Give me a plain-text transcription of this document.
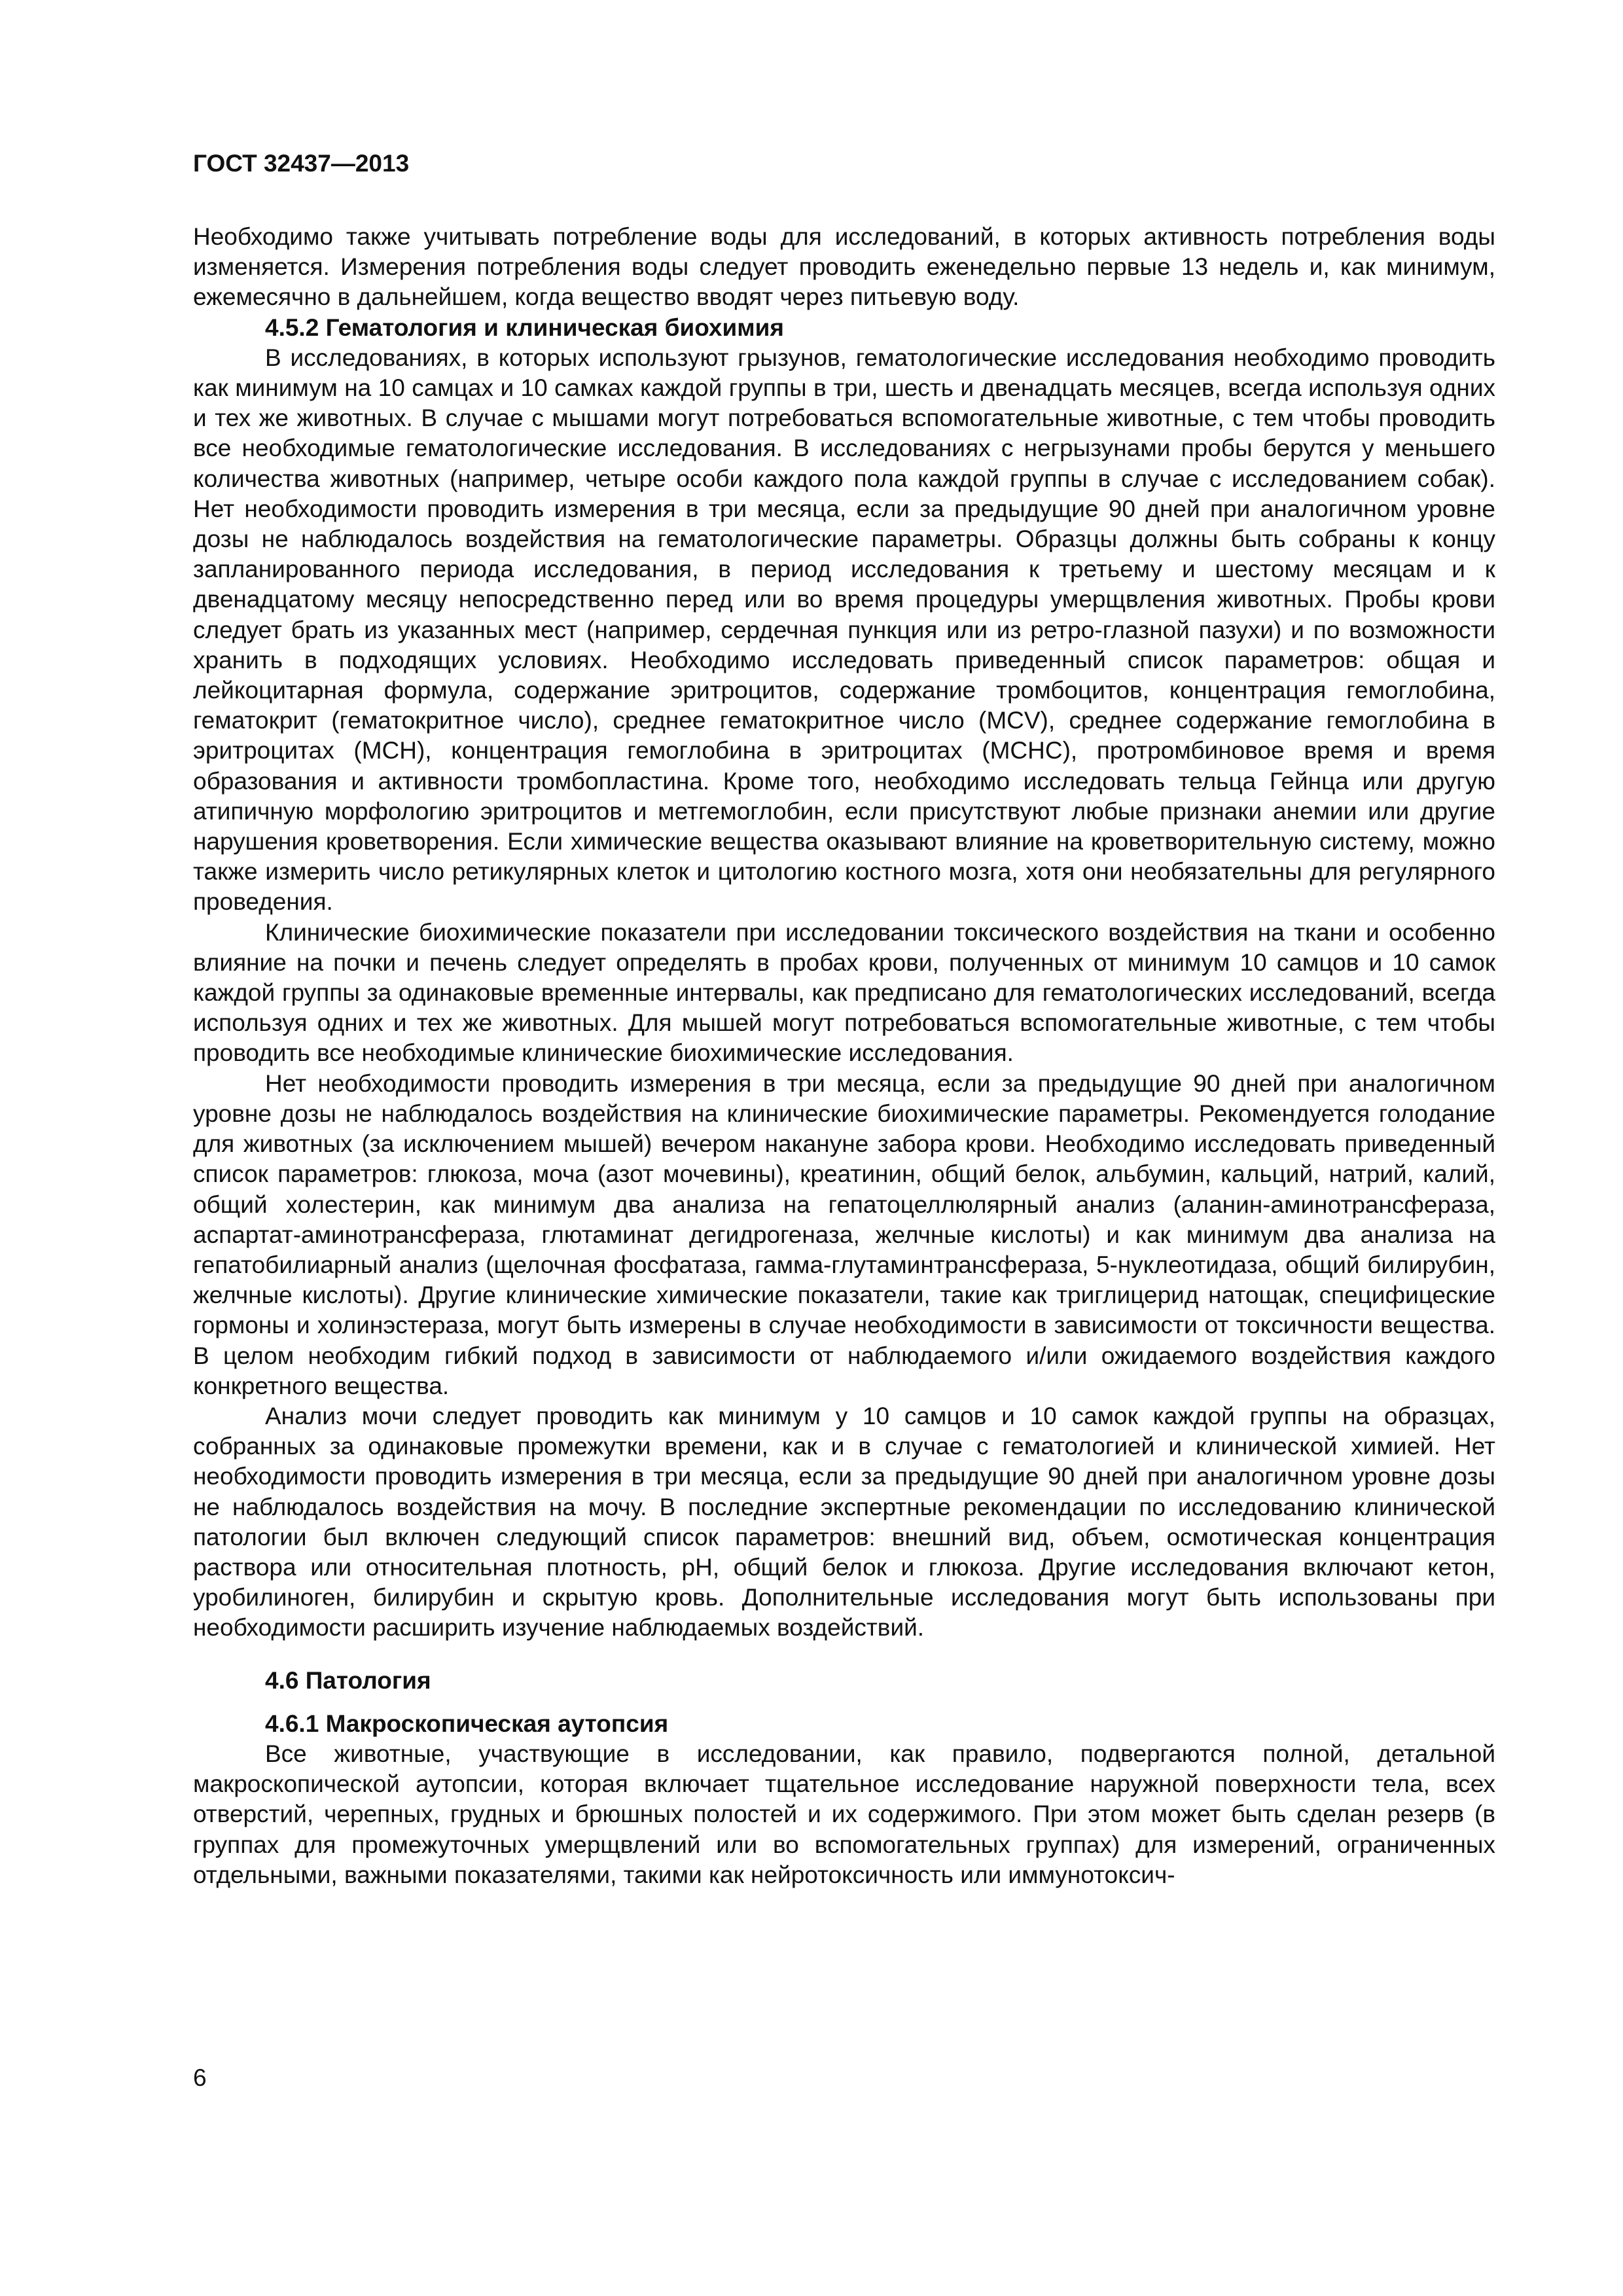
ГОСТ 32437—2013

Необходимо также учитывать потребление воды для исследований, в которых активность потребления воды изменяется. Измерения потребления воды следует проводить еженедельно первые 13 недель и, как минимум, ежемесячно в дальнейшем, когда вещество вводят через питьевую воду.

4.5.2 Гематология и клиническая биохимия

В исследованиях, в которых используют грызунов, гематологические исследования необходимо проводить как минимум на 10 самцах и 10 самках каждой группы в три, шесть и двенадцать месяцев, всегда используя одних и тех же животных. В случае с мышами могут потребоваться вспомогательные животные, с тем чтобы проводить все необходимые гематологические исследования. В исследованиях с негрызунами пробы берутся у меньшего количества животных (например, четыре особи каждого пола каждой группы в случае с исследованием собак). Нет необходимости проводить измерения в три месяца, если за предыдущие 90 дней при аналогичном уровне дозы не наблюдалось воздействия на гематологические параметры. Образцы должны быть собраны к концу запланированного периода исследования, в период исследования к третьему и шестому месяцам и к двенадцатому месяцу непосредственно перед или во время процедуры умерщвления животных. Пробы крови следует брать из указанных мест (например, сердечная пункция или из ретро-глазной пазухи) и по возможности хранить в подходящих условиях. Необходимо исследовать приведенный список параметров: общая и лейкоцитарная формула, содержание эритроцитов, содержание тромбоцитов, концентрация гемоглобина, гематокрит (гематокритное число), среднее гематокритное число (MCV), среднее содержание гемоглобина в эритроцитах (MCH), концентрация гемоглобина в эритроцитах (MCHC), протромбиновое время и время образования и активности тромбопластина. Кроме того, необходимо исследовать тельца Гейнца или другую атипичную морфологию эритроцитов и метгемоглобин, если присутствуют любые признаки анемии или другие нарушения кроветворения. Если химические вещества оказывают влияние на кроветворительную систему, можно также измерить число ретикулярных клеток и цитологию костного мозга, хотя они необязательны для регулярного проведения.

Клинические биохимические показатели при исследовании токсического воздействия на ткани и особенно влияние на почки и печень следует определять в пробах крови, полученных от минимум 10 самцов и 10 самок каждой группы за одинаковые временные интервалы, как предписано для гематологических исследований, всегда используя одних и тех же животных. Для мышей могут потребоваться вспомогательные животные, с тем чтобы проводить все необходимые клинические биохимические исследования.

Нет необходимости проводить измерения в три месяца, если за предыдущие 90 дней при аналогичном уровне дозы не наблюдалось воздействия на клинические биохимические параметры. Рекомендуется голодание для животных (за исключением мышей) вечером накануне забора крови. Необходимо исследовать приведенный список параметров: глюкоза, моча (азот мочевины), креатинин, общий белок, альбумин, кальций, натрий, калий, общий холестерин, как минимум два анализа на гепатоцеллюлярный анализ (аланин-аминотрансфераза, аспартат-аминотрансфераза, глютаминат дегидрогеназа, желчные кислоты) и как минимум два анализа на гепатобилиарный анализ (щелочная фосфатаза, гамма-глутаминтрансфераза, 5-нуклеотидаза, общий билирубин, желчные кислоты). Другие клинические химические показатели, такие как триглицерид натощак, специфицеские гормоны и холинэстераза, могут быть измерены в случае необходимости в зависимости от токсичности вещества. В целом необходим гибкий подход в зависимости от наблюдаемого и/или ожидаемого воздействия каждого конкретного вещества.

Анализ мочи следует проводить как минимум у 10 самцов и 10 самок каждой группы на образцах, собранных за одинаковые промежутки времени, как и в случае с гематологией и клинической химией. Нет необходимости проводить измерения в три месяца, если за предыдущие 90 дней при аналогичном уровне дозы не наблюдалось воздействия на мочу. В последние экспертные рекомендации по исследованию клинической патологии был включен следующий список параметров: внешний вид, объем, осмотическая концентрация раствора или относительная плотность, pH, общий белок и глюкоза. Другие исследования включают кетон, уробилиноген, билирубин и скрытую кровь. Дополнительные исследования могут быть использованы при необходимости расширить изучение наблюдаемых воздействий.

4.6 Патология
4.6.1 Макроскопическая аутопсия

Все животные, участвующие в исследовании, как правило, подвергаются полной, детальной макроскопической аутопсии, которая включает тщательное исследование наружной поверхности тела, всех отверстий, черепных, грудных и брюшных полостей и их содержимого. При этом может быть сделан резерв (в группах для промежуточных умерщвлений или во вспомогательных группах) для измерений, ограниченных отдельными, важными показателями, такими как нейротоксичность или иммунотоксич-

6
